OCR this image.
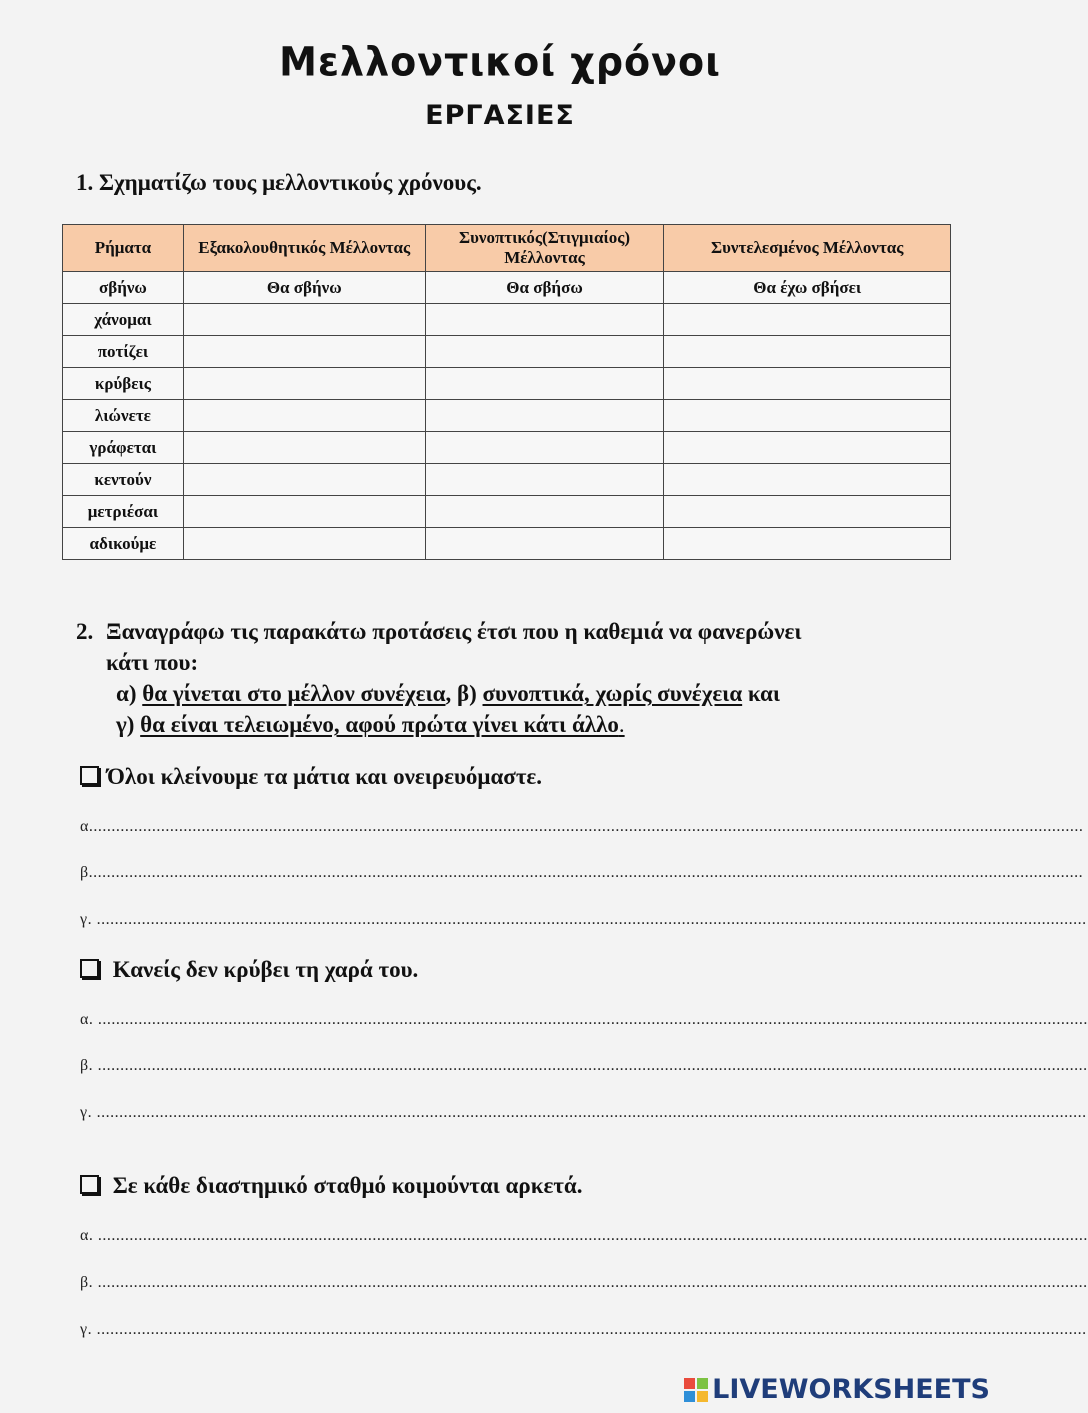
Μελλοντικοί χρόνοι
ΕΡΓΑΣΙΕΣ
1. Σχηματίζω τους μελλοντικούς χρόνους.
Ρήματα	Εξακολουθητικός Μέλλοντας	Συνοπτικός(Στιγμιαίος) Μέλλοντας	Συντελεσμένος Μέλλοντας
σβήνω	Θα σβήνω	Θα σβήσω	Θα έχω σβήσει
χάνομαι			
ποτίζει			
κρύβεις			
λιώνετε			
γράφεται			
κεντούν			
μετριέσαι			
αδικούμε			
2. Ξαναγράφω τις παρακάτω προτάσεις έτσι που η καθεμιά να φανερώνει
κάτι που:
α) θα γίνεται στο μέλλον συνέχεια, β) συνοπτικά, χωρίς συνέχεια και
γ) θα είναι τελειωμένο, αφού πρώτα γίνει κάτι άλλο.
Όλοι κλείνουμε τα μάτια και ονειρευόμαστε.
α.............................................................................................................................................................................................................................
β.............................................................................................................................................................................................................................
γ. ............................................................................................................................................................................................................................
Κανείς δεν κρύβει τη χαρά του.
α. ............................................................................................................................................................................................................................
β. ............................................................................................................................................................................................................................
γ. ............................................................................................................................................................................................................................
Σε κάθε διαστημικό σταθμό κοιμούνται αρκετά.
α. ............................................................................................................................................................................................................................
β. ............................................................................................................................................................................................................................
γ. ............................................................................................................................................................................................................................
LIVEWORKSHEETS
